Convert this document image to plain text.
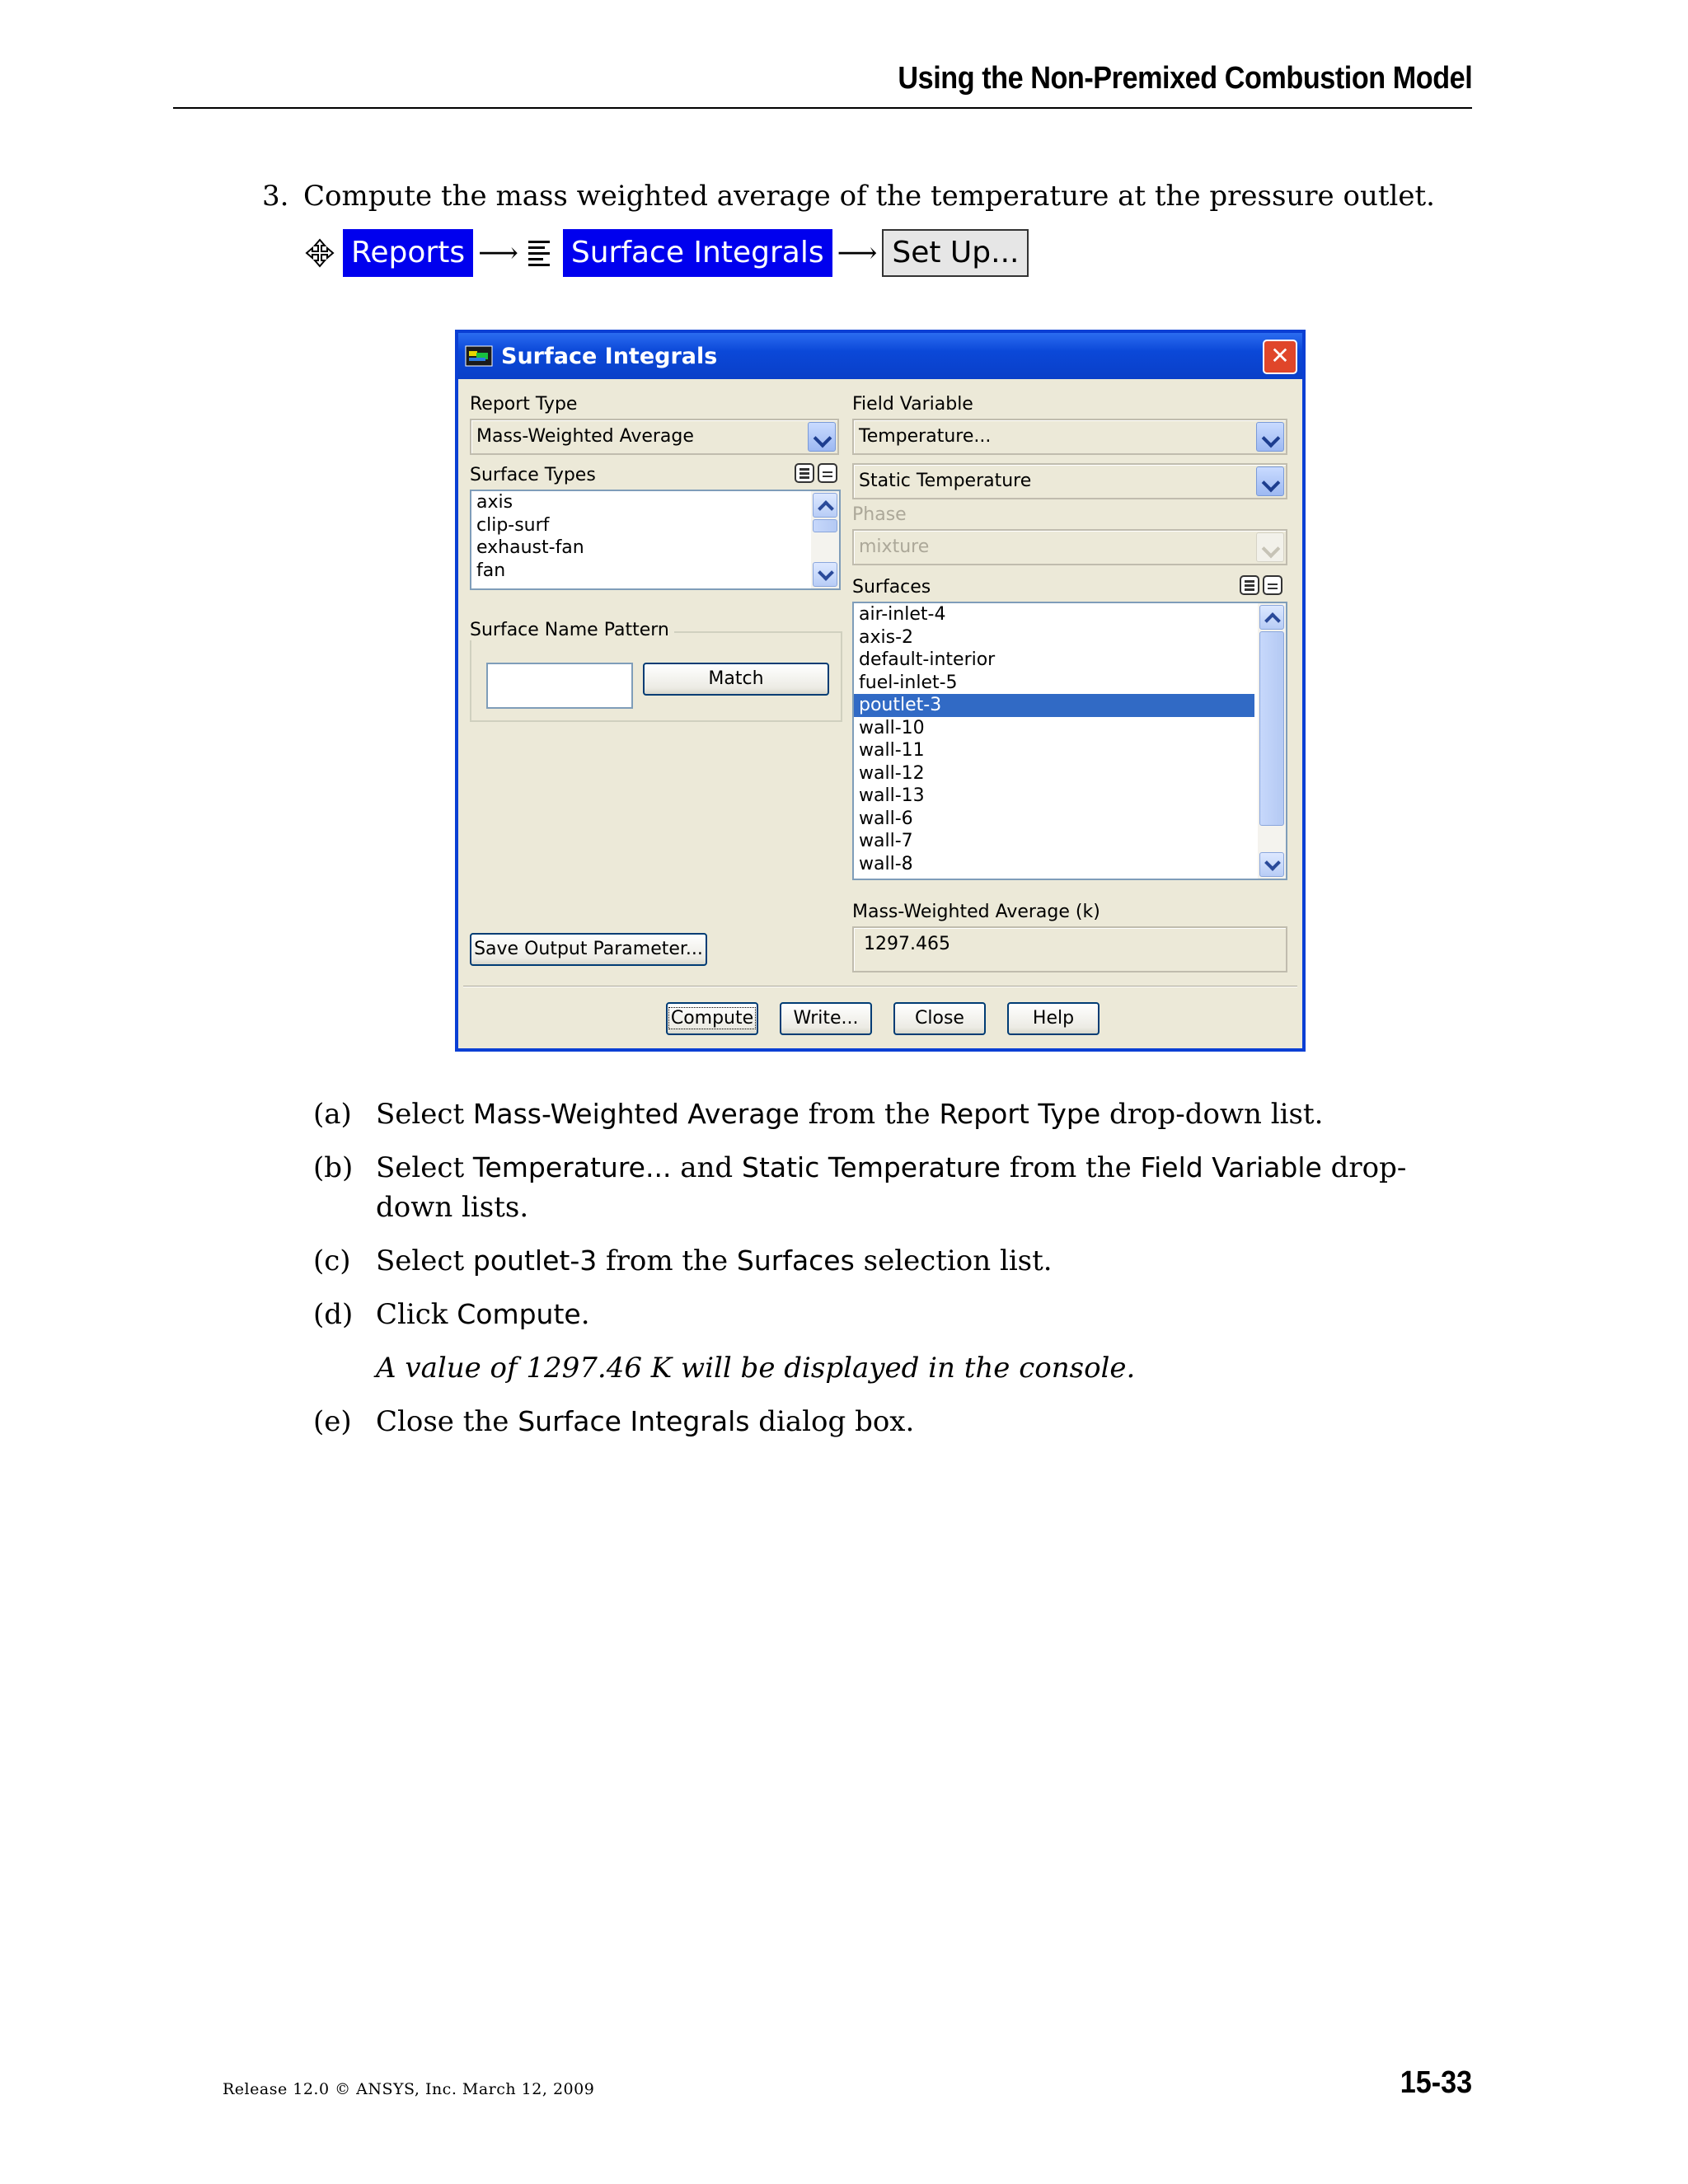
Using the Non-Premixed Combustion Model
3. Compute the mass weighted average of the temperature at the pressure outlet.
Reports ⟶ Surface Integrals ⟶ Set Up...
Surface Integrals	✕
Report Type
Mass-Weighted Average
Surface Types
axis
clip-surf
exhaust-fan
fan
Surface Name Pattern
Match
Save Output Parameter...
Field Variable
Temperature...
Static Temperature
Phase
mixture
Surfaces
air-inlet-4
axis-2
default-interior
fuel-inlet-5
poutlet-3
wall-10
wall-11
wall-12
wall-13
wall-6
wall-7
wall-8
Mass-Weighted Average (k)
1297.465
Compute	Write...	Close	Help
(a) Select Mass-Weighted Average from the Report Type drop-down list.
(b) Select Temperature... and Static Temperature from the Field Variable drop-down lists.
(c) Select poutlet-3 from the Surfaces selection list.
(d) Click Compute.
A value of 1297.46 K will be displayed in the console.
(e) Close the Surface Integrals dialog box.
Release 12.0 © ANSYS, Inc. March 12, 2009	15-33
